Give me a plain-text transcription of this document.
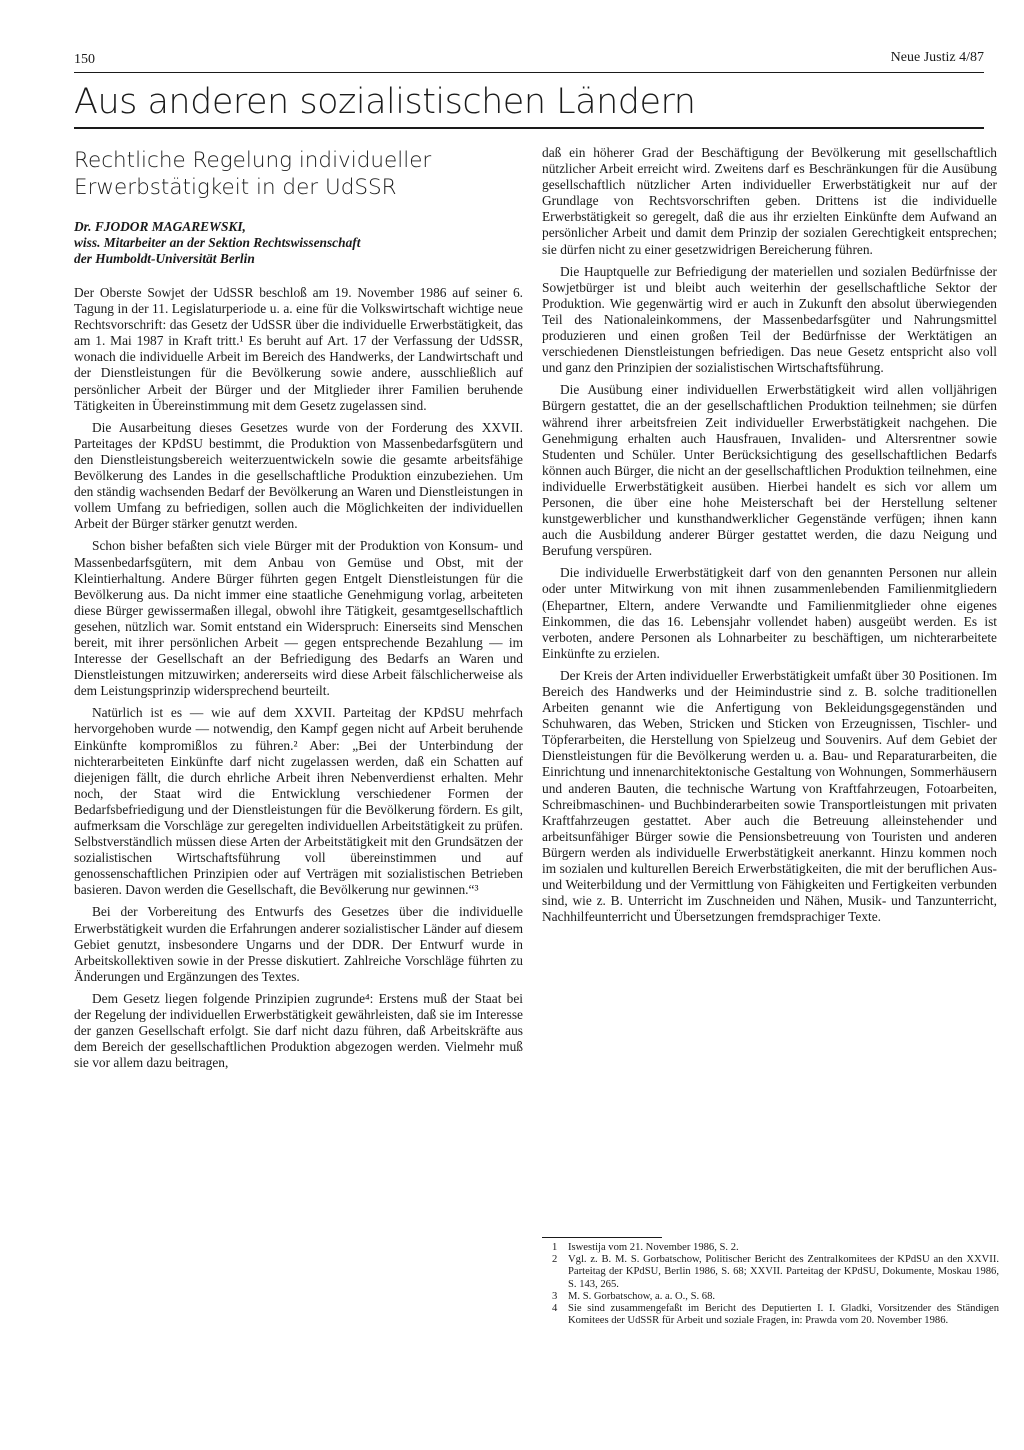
150	Neue Justiz 4/87
Aus anderen sozialistischen Ländern
Rechtliche Regelung individueller
Erwerbstätigkeit in der UdSSR
Dr. FJODOR MAGAREWSKI,
wiss. Mitarbeiter an der Sektion Rechtswissenschaft
der Humboldt-Universität Berlin

Der Oberste Sowjet der UdSSR beschloß am 19. November 1986 auf seiner 6. Tagung in der 11. Legislaturperiode u. a. eine für die Volkswirtschaft wichtige neue Rechtsvorschrift: das Gesetz der UdSSR über die individuelle Erwerbstätigkeit, das am 1. Mai 1987 in Kraft tritt.¹ Es beruht auf Art. 17 der Verfassung der UdSSR, wonach die individuelle Arbeit im Bereich des Handwerks, der Landwirtschaft und der Dienstleistungen für die Bevölkerung sowie andere, ausschließlich auf persönlicher Arbeit der Bürger und der Mitglieder ihrer Familien beruhende Tätigkeiten in Übereinstimmung mit dem Gesetz zugelassen sind.

Die Ausarbeitung dieses Gesetzes wurde von der Forderung des XXVII. Parteitages der KPdSU bestimmt, die Produktion von Massenbedarfsgütern und den Dienstleistungsbereich weiterzuentwickeln sowie die gesamte arbeitsfähige Bevölkerung des Landes in die gesellschaftliche Produktion einzubeziehen. Um den ständig wachsenden Bedarf der Bevölkerung an Waren und Dienstleistungen in vollem Umfang zu befriedigen, sollen auch die Möglichkeiten der individuellen Arbeit der Bürger stärker genutzt werden.

Schon bisher befaßten sich viele Bürger mit der Produktion von Konsum- und Massenbedarfsgütern, mit dem Anbau von Gemüse und Obst, mit der Kleintierhaltung. Andere Bürger führten gegen Entgelt Dienstleistungen für die Bevölkerung aus. Da nicht immer eine staatliche Genehmigung vorlag, arbeiteten diese Bürger gewissermaßen illegal, obwohl ihre Tätigkeit, gesamtgesellschaftlich gesehen, nützlich war. Somit entstand ein Widerspruch: Einerseits sind Menschen bereit, mit ihrer persönlichen Arbeit — gegen entsprechende Bezahlung — im Interesse der Gesellschaft an der Befriedigung des Bedarfs an Waren und Dienstleistungen mitzuwirken; andererseits wird diese Arbeit fälschlicherweise als dem Leistungsprinzip widersprechend beurteilt.

Natürlich ist es — wie auf dem XXVII. Parteitag der KPdSU mehrfach hervorgehoben wurde — notwendig, den Kampf gegen nicht auf Arbeit beruhende Einkünfte kompromißlos zu führen.² Aber: „Bei der Unterbindung der nichterarbeiteten Einkünfte darf nicht zugelassen werden, daß ein Schatten auf diejenigen fällt, die durch ehrliche Arbeit ihren Nebenverdienst erhalten. Mehr noch, der Staat wird die Entwicklung verschiedener Formen der Bedarfsbefriedigung und der Dienstleistungen für die Bevölkerung fördern. Es gilt, aufmerksam die Vorschläge zur geregelten individuellen Arbeitstätigkeit zu prüfen. Selbstverständlich müssen diese Arten der Arbeitstätigkeit mit den Grundsätzen der sozialistischen Wirtschaftsführung voll übereinstimmen und auf genossenschaftlichen Prinzipien oder auf Verträgen mit sozialistischen Betrieben basieren. Davon werden die Gesellschaft, die Bevölkerung nur gewinnen.“³

Bei der Vorbereitung des Entwurfs des Gesetzes über die individuelle Erwerbstätigkeit wurden die Erfahrungen anderer sozialistischer Länder auf diesem Gebiet genutzt, insbesondere Ungarns und der DDR. Der Entwurf wurde in Arbeitskollektiven sowie in der Presse diskutiert. Zahlreiche Vorschläge führten zu Änderungen und Ergänzungen des Textes.

Dem Gesetz liegen folgende Prinzipien zugrunde⁴: Erstens muß der Staat bei der Regelung der individuellen Erwerbstätigkeit gewährleisten, daß sie im Interesse der ganzen Gesellschaft erfolgt. Sie darf nicht dazu führen, daß Arbeitskräfte aus dem Bereich der gesellschaftlichen Produktion abgezogen werden. Vielmehr muß sie vor allem dazu beitragen,

daß ein höherer Grad der Beschäftigung der Bevölkerung mit gesellschaftlich nützlicher Arbeit erreicht wird. Zweitens darf es Beschränkungen für die Ausübung gesellschaftlich nützlicher Arten individueller Erwerbstätigkeit nur auf der Grundlage von Rechtsvorschriften geben. Drittens ist die individuelle Erwerbstätigkeit so geregelt, daß die aus ihr erzielten Einkünfte dem Aufwand an persönlicher Arbeit und damit dem Prinzip der sozialen Gerechtigkeit entsprechen; sie dürfen nicht zu einer gesetzwidrigen Bereicherung führen.

Die Hauptquelle zur Befriedigung der materiellen und sozialen Bedürfnisse der Sowjetbürger ist und bleibt auch weiterhin der gesellschaftliche Sektor der Produktion. Wie gegenwärtig wird er auch in Zukunft den absolut überwiegenden Teil des Nationaleinkommens, der Massenbedarfsgüter und Nahrungsmittel produzieren und einen großen Teil der Bedürfnisse der Werktätigen an verschiedenen Dienstleistungen befriedigen. Das neue Gesetz entspricht also voll und ganz den Prinzipien der sozialistischen Wirtschaftsführung.

Die Ausübung einer individuellen Erwerbstätigkeit wird allen volljährigen Bürgern gestattet, die an der gesellschaftlichen Produktion teilnehmen; sie dürfen während ihrer arbeitsfreien Zeit individueller Erwerbstätigkeit nachgehen. Die Genehmigung erhalten auch Hausfrauen, Invaliden- und Altersrentner sowie Studenten und Schüler. Unter Berücksichtigung des gesellschaftlichen Bedarfs können auch Bürger, die nicht an der gesellschaftlichen Produktion teilnehmen, eine individuelle Erwerbstätigkeit ausüben. Hierbei handelt es sich vor allem um Personen, die über eine hohe Meisterschaft bei der Herstellung seltener kunstgewerblicher und kunsthandwerklicher Gegenstände verfügen; ihnen kann auch die Ausbildung anderer Bürger gestattet werden, die dazu Neigung und Berufung verspüren.

Die individuelle Erwerbstätigkeit darf von den genannten Personen nur allein oder unter Mitwirkung von mit ihnen zusammenlebenden Familienmitgliedern (Ehepartner, Eltern, andere Verwandte und Familienmitglieder ohne eigenes Einkommen, die das 16. Lebensjahr vollendet haben) ausgeübt werden. Es ist verboten, andere Personen als Lohnarbeiter zu beschäftigen, um nichterarbeitete Einkünfte zu erzielen.

Der Kreis der Arten individueller Erwerbstätigkeit umfaßt über 30 Positionen. Im Bereich des Handwerks und der Heimindustrie sind z. B. solche traditionellen Arbeiten genannt wie die Anfertigung von Bekleidungsgegenständen und Schuhwaren, das Weben, Stricken und Sticken von Erzeugnissen, Tischler- und Töpferarbeiten, die Herstellung von Spielzeug und Souvenirs. Auf dem Gebiet der Dienstleistungen für die Bevölkerung werden u. a. Bau- und Reparaturarbeiten, die Einrichtung und innenarchitektonische Gestaltung von Wohnungen, Sommerhäusern und anderen Bauten, die technische Wartung von Kraftfahrzeugen, Fotoarbeiten, Schreibmaschinen- und Buchbinderarbeiten sowie Transportleistungen mit privaten Kraftfahrzeugen gestattet. Aber auch die Betreuung alleinstehender und arbeitsunfähiger Bürger sowie die Pensionsbetreuung von Touristen und anderen Bürgern werden als individuelle Erwerbstätigkeit anerkannt. Hinzu kommen noch im sozialen und kulturellen Bereich Erwerbstätigkeiten, die mit der beruflichen Aus- und Weiterbildung und der Vermittlung von Fähigkeiten und Fertigkeiten verbunden sind, wie z. B. Unterricht im Zuschneiden und Nähen, Musik- und Tanzunterricht, Nachhilfeunterricht und Übersetzungen fremdsprachiger Texte.

1	Iswestija vom 21. November 1986, S. 2.
2	Vgl. z. B. M. S. Gorbatschow, Politischer Bericht des Zentralkomitees der KPdSU an den XXVII. Parteitag der KPdSU, Berlin 1986, S. 68; XXVII. Parteitag der KPdSU, Dokumente, Moskau 1986, S. 143, 265.
3	M. S. Gorbatschow, a. a. O., S. 68.
4	Sie sind zusammengefaßt im Bericht des Deputierten I. I. Gladki, Vorsitzender des Ständigen Komitees der UdSSR für Arbeit und soziale Fragen, in: Prawda vom 20. November 1986.
